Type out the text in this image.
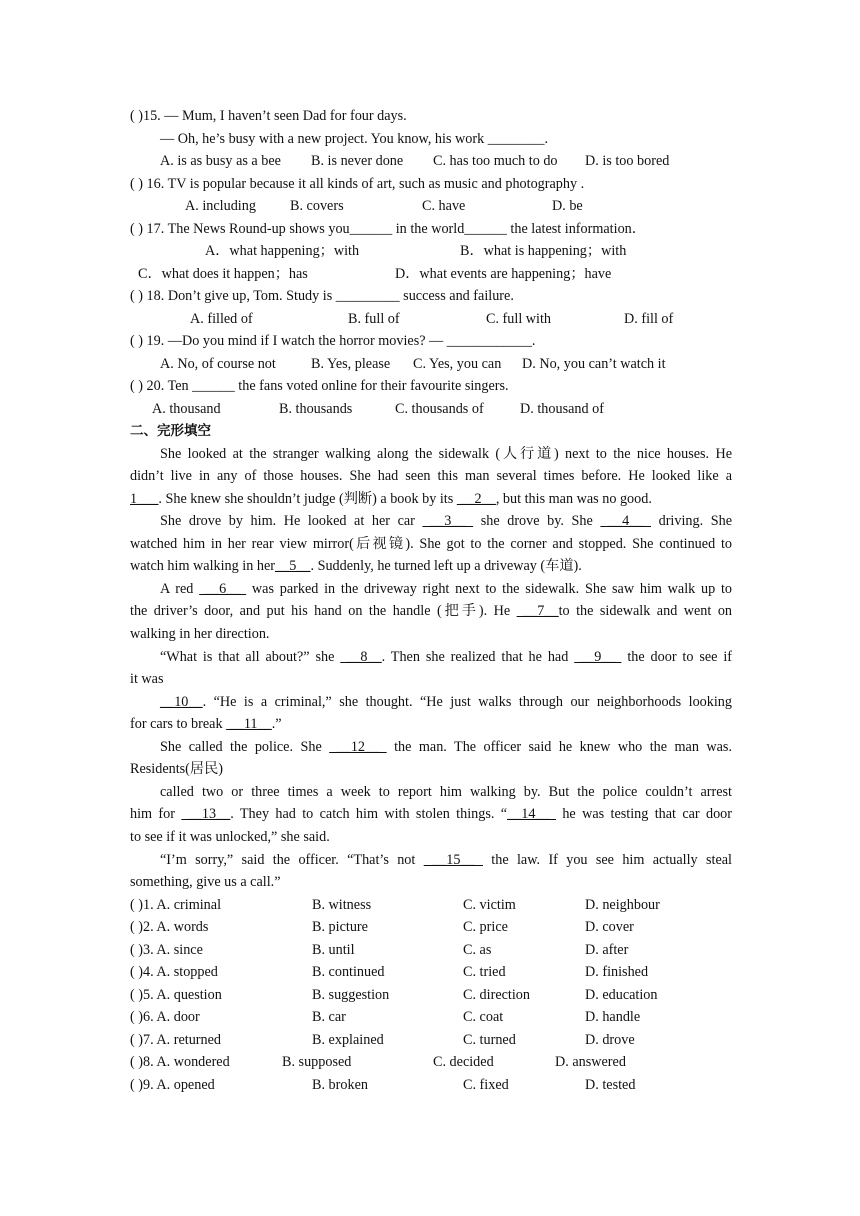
( )15. — Mum, I haven’t seen Dad for four days.
— Oh, he’s busy with a new project. You know, his work ________.
A. is as busy as a bee B. is never done C. has too much to do D. is too bored
( ) 16. TV is popular because it all kinds of art, such as music and photography .
A. including B. covers	C. have	D. be
( ) 17. The News Round-up shows you______ in the world______ the latest information．
A．what happening；with	B．what is happening；with
C．what does it happen；has	D．what events are happening；have
( ) 18. Don’t give up, Tom. Study is _________ success and failure.
A. filled of	B. full of	C. full with	D. fill of
( ) 19. —Do you mind if I watch the horror movies? — ____________.
A. No, of course not B. Yes, please C. Yes, you can D. No, you can’t watch it
( ) 20. Ten ______ the fans voted online for their favourite singers.
A. thousand	B. thousands	C. thousands of	D. thousand of
二、完形填空
She looked at the stranger walking along the sidewalk (人行道) next to the nice houses. He
didn’t live in any of those houses. She had seen this man several times before. He looked like a
1___. She knew she shouldn’t judge (判断) a book by its  __2__, but this man was no good.
She drove by him. He looked at her car  __3__  she drove by. She  __4__  driving. She
watched him in her rear view mirror(后视镜). She got to the corner and stopped. She continued to
watch him walking in her__5__. Suddenly, he turned left up a driveway (车道).
A red  __6__  was parked in the driveway right next to the sidewalk. She saw him walk up to
the driver’s door, and put his hand on the handle (把手). He  __7__to the sidewalk and went on
walking in her direction.
“What is that all about?” she  __8__. Then she realized that he had  __9__  the door to see if
it was
__10__. “He is a criminal,” she thought. “He just walks through our neighborhoods looking
for cars to break  __11__.”
She called the police. She  __12__  the man. The officer said he knew who the man was.
Residents(居民)
called two or three times a week to report him walking by. But the police couldn’t arrest
him for  __13__. They had to catch him with stolen things. “__14__  he was testing that car door
to see if it was unlocked,” she said.
“I’m sorry,” said the officer. “That’s not  __15__  the law. If you see him actually steal
something, give us a call.”
( )1. A. criminal	B. witness	C. victim	D. neighbour
( )2. A. words	B. picture	C. price	D. cover
( )3. A. since	B. until	C. as	D. after
( )4. A. stopped	B. continued	C. tried	D. finished
( )5. A. question	B. suggestion	C. direction	D. education
( )6. A. door	B. car	C. coat	D. handle
( )7. A. returned	B. explained	C. turned	D. drove
( )8. A. wondered	B. supposed	C. decided	D. answered
( )9. A. opened	B. broken	C. fixed	D. tested
